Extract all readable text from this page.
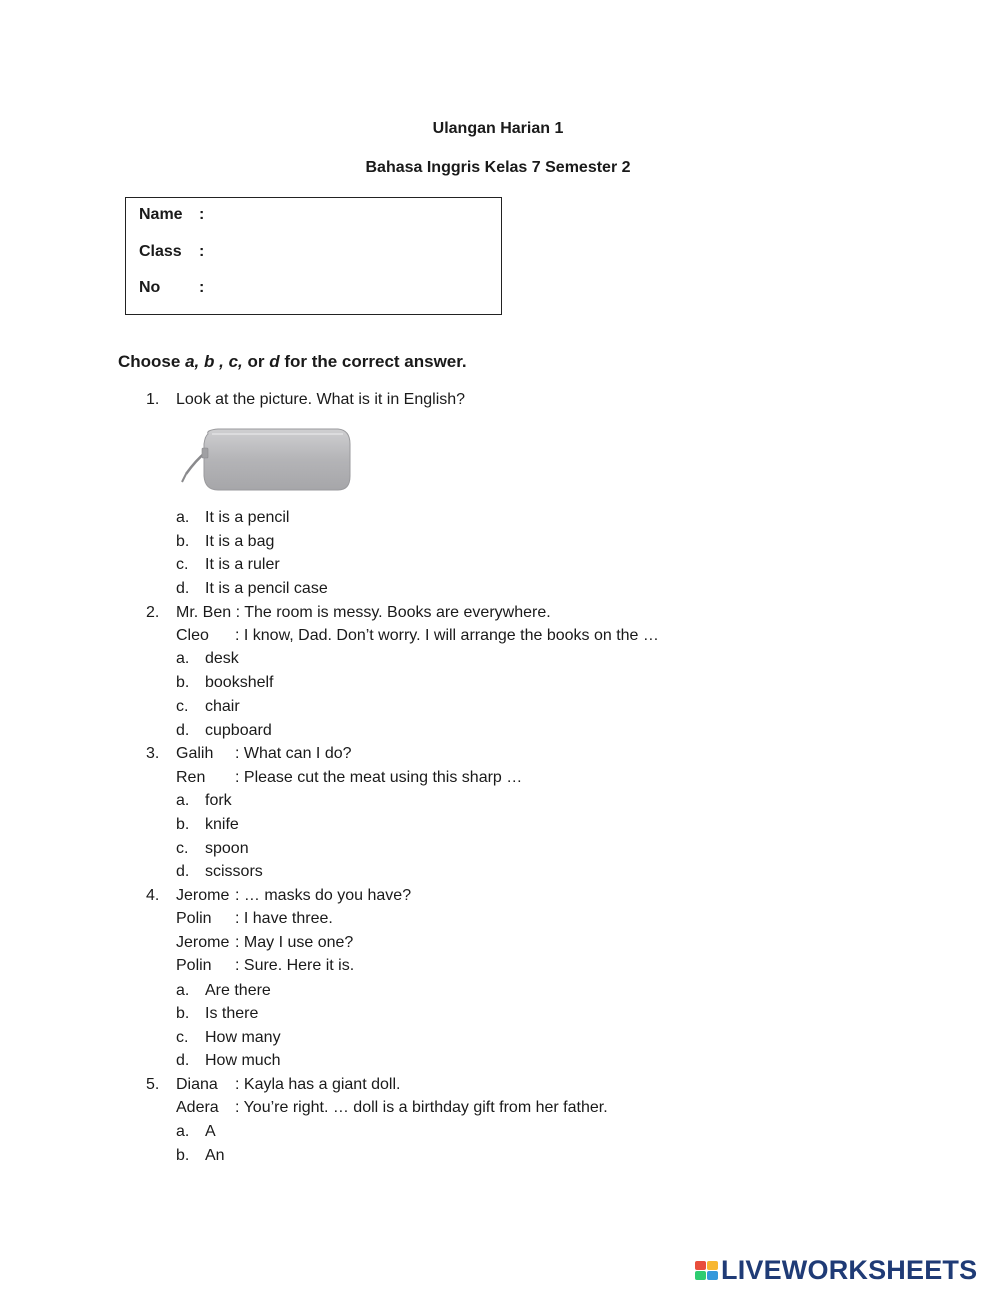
Ulangan Harian 1
Bahasa Inggris Kelas 7 Semester 2
Name :
Class :
No :
Choose a, b , c, or d for the correct answer.
1. Look at the picture. What is it in English?
a. It is a pencil
b. It is a bag
c. It is a ruler
d. It is a pencil case
2. Mr. Ben : The room is messy. Books are everywhere.
Cleo : I know, Dad. Don’t worry. I will arrange the books on the …
a. desk
b. bookshelf
c. chair
d. cupboard
3. Galih : What can I do?
Ren : Please cut the meat using this sharp …
a. fork
b. knife
c. spoon
d. scissors
4. Jerome : … masks do you have?
Polin : I have three.
Jerome : May I use one?
Polin : Sure. Here it is.
a. Are there
b. Is there
c. How many
d. How much
5. Diana : Kayla has a giant doll.
Adera : You’re right. … doll is a birthday gift from her father.
a. A
b. An
LIVEWORKSHEETS
